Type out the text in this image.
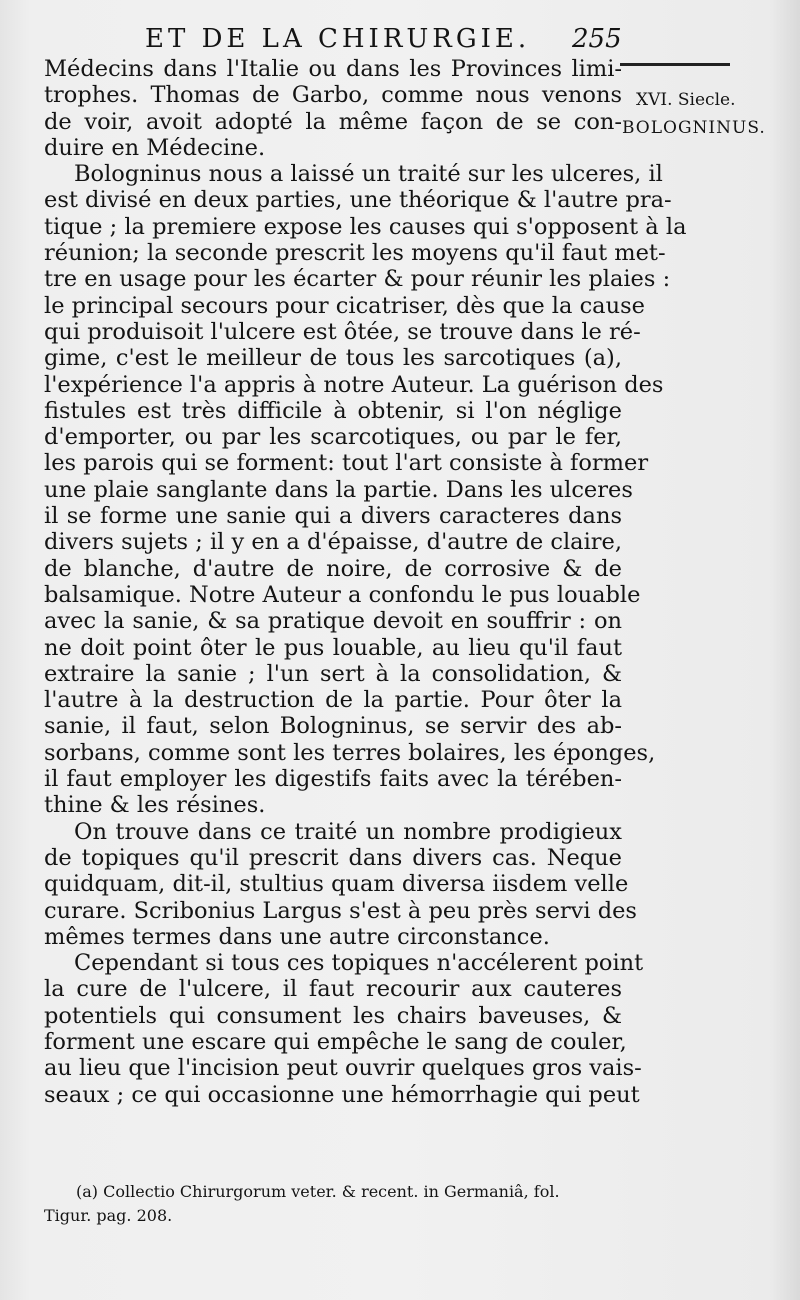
ET DE LA CHIRURGIE. 255
XVI. Siecle.
BOLOGNINUS.
Médecins dans l'Italie ou dans les Provinces limi-
trophes. Thomas de Garbo, comme nous venons
de voir, avoit adopté la même façon de se con-
duire en Médecine.
Bologninus nous a laissé un traité sur les ulceres, il
est divisé en deux parties, une théorique & l'autre pra-
tique ; la premiere expose les causes qui s'opposent à la
réunion; la seconde prescrit les moyens qu'il faut met-
tre en usage pour les écarter & pour réunir les plaies :
le principal secours pour cicatriser, dès que la cause
qui produisoit l'ulcere est ôtée, se trouve dans le ré-
gime, c'est le meilleur de tous les sarcotiques (a),
l'expérience l'a appris à notre Auteur. La guérison des
fistules est très difficile à obtenir, si l'on néglige
d'emporter, ou par les scarcotiques, ou par le fer,
les parois qui se forment: tout l'art consiste à former
une plaie sanglante dans la partie. Dans les ulceres
il se forme une sanie qui a divers caracteres dans
divers sujets ; il y en a d'épaisse, d'autre de claire,
de blanche, d'autre de noire, de corrosive & de
balsamique. Notre Auteur a confondu le pus louable
avec la sanie, & sa pratique devoit en souffrir : on
ne doit point ôter le pus louable, au lieu qu'il faut
extraire la sanie ; l'un sert à la consolidation, &
l'autre à la destruction de la partie. Pour ôter la
sanie, il faut, selon Bologninus, se servir des ab-
sorbans, comme sont les terres bolaires, les éponges,
il faut employer les digestifs faits avec la térében-
thine & les résines.
On trouve dans ce traité un nombre prodigieux
de topiques qu'il prescrit dans divers cas. Neque
quidquam, dit-il, stultius quam diversa iisdem velle
curare. Scribonius Largus s'est à peu près servi des
mêmes termes dans une autre circonstance.
Cependant si tous ces topiques n'accélerent point
la cure de l'ulcere, il faut recourir aux cauteres
potentiels qui consument les chairs baveuses, &
forment une escare qui empêche le sang de couler,
au lieu que l'incision peut ouvrir quelques gros vais-
seaux ; ce qui occasionne une hémorrhagie qui peut
(a) Collectio Chirurgorum veter. & recent. in Germaniâ, fol.
Tigur. pag. 208.
